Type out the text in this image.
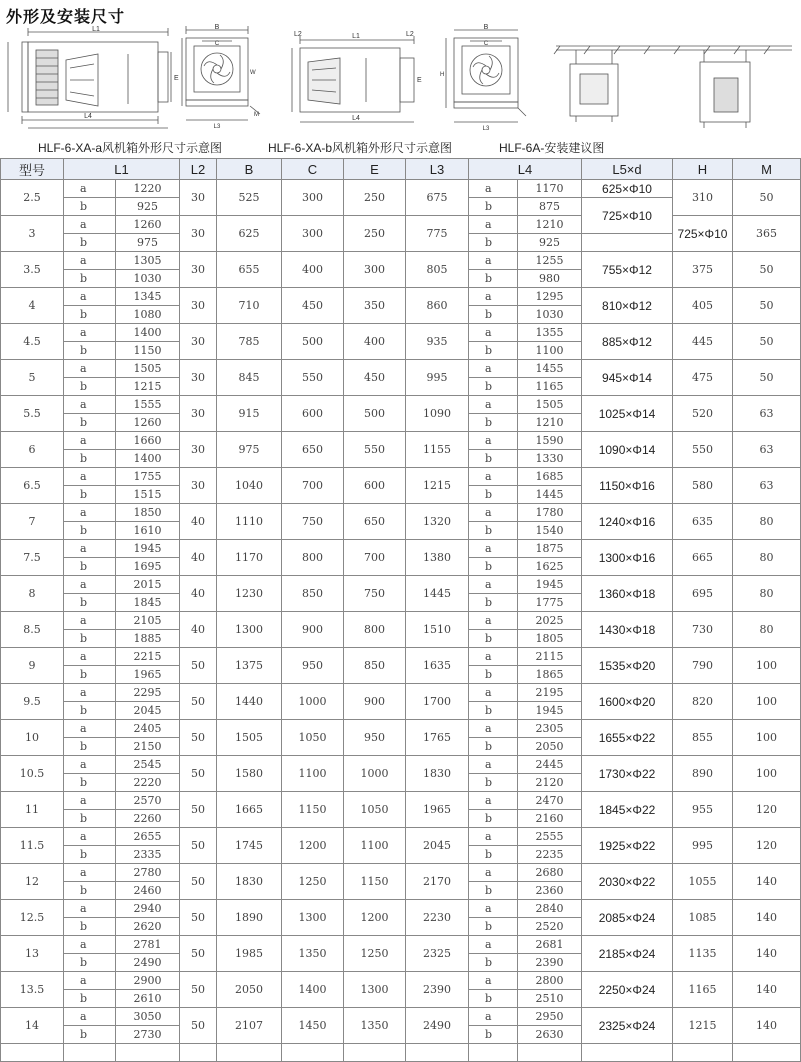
外形及安装尺寸
L1
L4
E
B
C
W
M
L3
L2	L2
L1
L4
E
B
C
H
L3
HLF-6-XA-a风机箱外形尺寸示意图	HLF-6-XA-b风机箱外形尺寸示意图	HLF-6A-安装建议图
型号	L1		L2	B	C	E	L3	L4		L5×d	H	M	
2.5	a	1220	30	525	300	250	675	a	1170	625×Φ10	310	50	
	b	925						b	875	725×Φ10			
3	a	1260	30	625	300	250	775	a	1210		725×Φ10	365	
	b	975						b	925				
3.5	a	1305	30	655	400	300	805	a	1255	755×Φ12	375	50	
	b	1030						b	980				
4	a	1345	30	710	450	350	860	a	1295	810×Φ12	405	50	
	b	1080						b	1030				
4.5	a	1400	30	785	500	400	935	a	1355	885×Φ12	445	50	
	b	1150						b	1100				
5	a	1505	30	845	550	450	995	a	1455	945×Φ14	475	50	
	b	1215						b	1165				
5.5	a	1555	30	915	600	500	1090	a	1505	1025×Φ14	520	63	
	b	1260						b	1210				
6	a	1660	30	975	650	550	1155	a	1590	1090×Φ14	550	63	
	b	1400						b	1330				
6.5	a	1755	30	1040	700	600	1215	a	1685	1150×Φ16	580	63	
	b	1515						b	1445				
7	a	1850	40	1110	750	650	1320	a	1780	1240×Φ16	635	80	
	b	1610						b	1540				
7.5	a	1945	40	1170	800	700	1380	a	1875	1300×Φ16	665	80	
	b	1695						b	1625				
8	a	2015	40	1230	850	750	1445	a	1945	1360×Φ18	695	80	
	b	1845						b	1775				
8.5	a	2105	40	1300	900	800	1510	a	2025	1430×Φ18	730	80	
	b	1885						b	1805				
9	a	2215	50	1375	950	850	1635	a	2115	1535×Φ20	790	100	
	b	1965						b	1865				
9.5	a	2295	50	1440	1000	900	1700	a	2195	1600×Φ20	820	100	
	b	2045						b	1945				
10	a	2405	50	1505	1050	950	1765	a	2305	1655×Φ22	855	100	
	b	2150						b	2050				
10.5	a	2545	50	1580	1100	1000	1830	a	2445	1730×Φ22	890	100	
	b	2220						b	2120				
11	a	2570	50	1665	1150	1050	1965	a	2470	1845×Φ22	955	120	
	b	2260						b	2160				
11.5	a	2655	50	1745	1200	1100	2045	a	2555	1925×Φ22	995	120	
	b	2335						b	2235				
12	a	2780	50	1830	1250	1150	2170	a	2680	2030×Φ22	1055	140	
	b	2460						b	2360				
12.5	a	2940	50	1890	1300	1200	2230	a	2840	2085×Φ24	1085	140	
	b	2620						b	2520				
13	a	2781	50	1985	1350	1250	2325	a	2681	2185×Φ24	1135	140	
	b	2490						b	2390				
13.5	a	2900	50	2050	1400	1300	2390	a	2800	2250×Φ24	1165	140	
	b	2610						b	2510				
14	a	3050	50	2107	1450	1350	2490	a	2950	2325×Φ24	1215	140	
	b	2730						b	2630				
